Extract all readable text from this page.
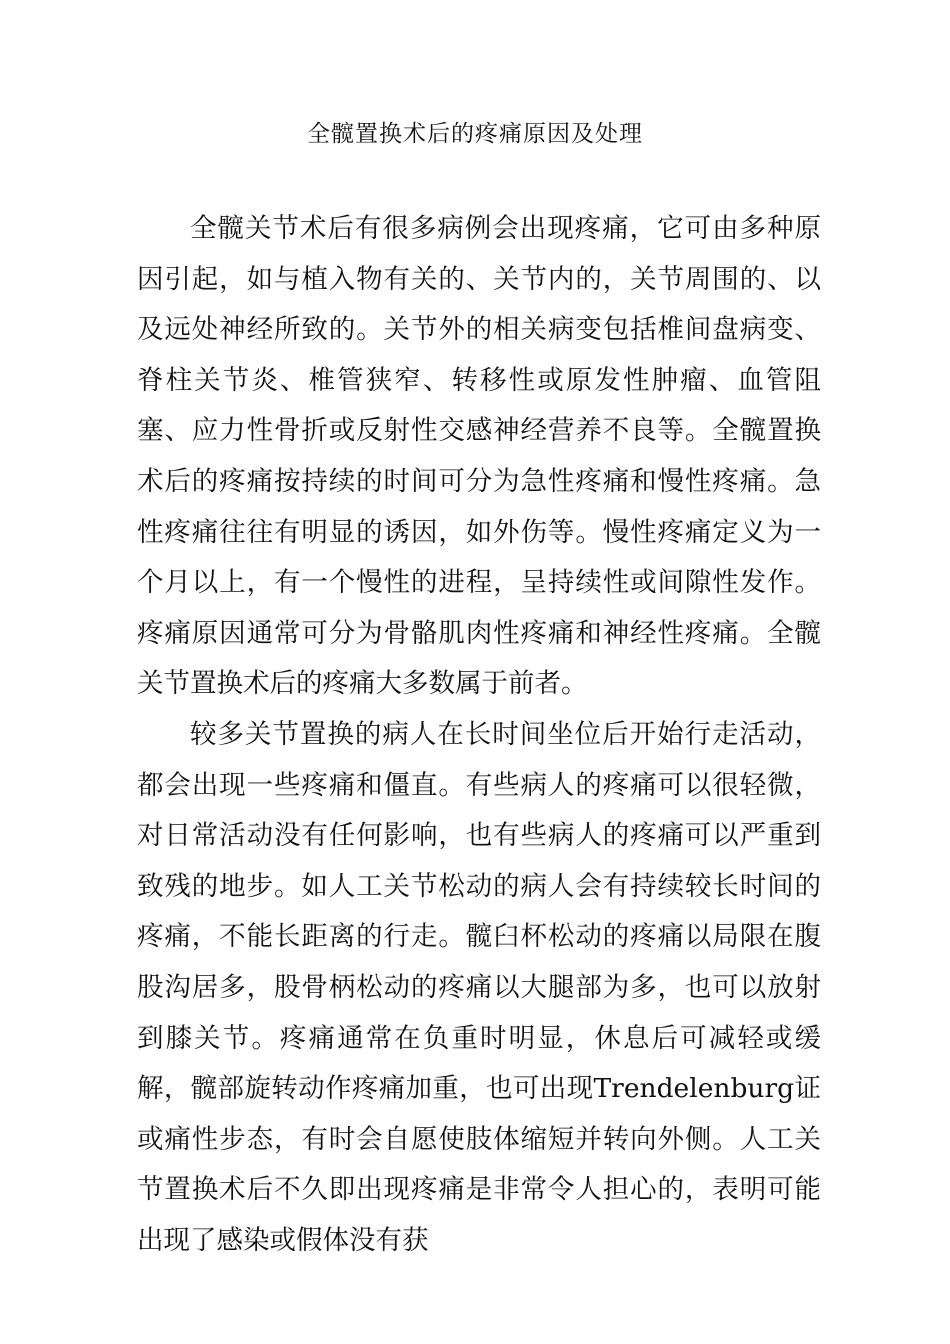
全髋置换术后的疼痛原因及处理

全髋关节术后有很多病例会出现疼痛，它可由多种原因引起，如与植入物有关的、关节内的，关节周围的、以及远处神经所致的。关节外的相关病变包括椎间盘病变、脊柱关节炎、椎管狭窄、转移性或原发性肿瘤、血管阻塞、应力性骨折或反射性交感神经营养不良等。全髋置换术后的疼痛按持续的时间可分为急性疼痛和慢性疼痛。急性疼痛往往有明显的诱因，如外伤等。慢性疼痛定义为一个月以上，有一个慢性的进程，呈持续性或间隙性发作。疼痛原因通常可分为骨骼肌肉性疼痛和神经性疼痛。全髋关节置换术后的疼痛大多数属于前者。

较多关节置换的病人在长时间坐位后开始行走活动，都会出现一些疼痛和僵直。有些病人的疼痛可以很轻微，对日常活动没有任何影响，也有些病人的疼痛可以严重到致残的地步。如人工关节松动的病人会有持续较长时间的疼痛，不能长距离的行走。髋臼杯松动的疼痛以局限在腹股沟居多，股骨柄松动的疼痛以大腿部为多，也可以放射到膝关节。疼痛通常在负重时明显，休息后可减轻或缓解，髋部旋转动作疼痛加重，也可出现Trendelenburg证或痛性步态，有时会自愿使肢体缩短并转向外侧。人工关节置换术后不久即出现疼痛是非常令人担心的，表明可能出现了感染或假体没有获
